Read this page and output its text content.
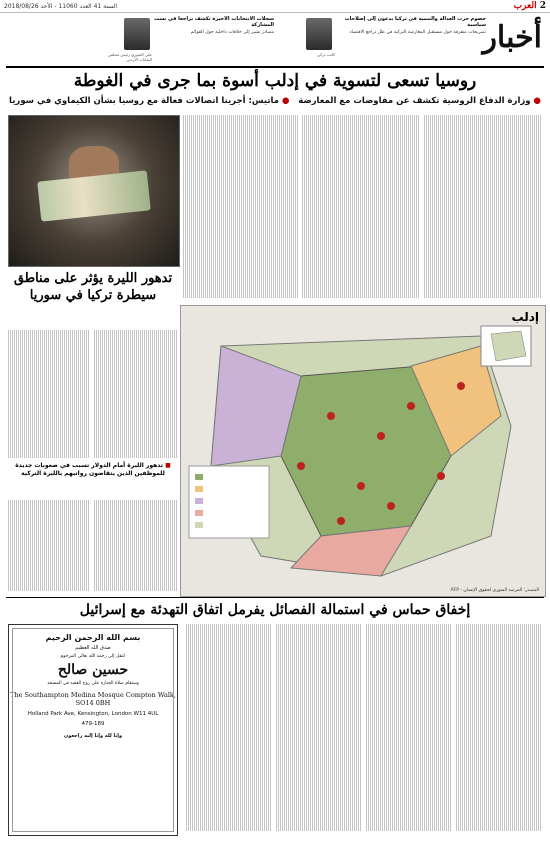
2 العرب
السنة 41 العدد 11060 - الأحد 2018/08/26
أخبار
خصوم حزب العدالة والتنمية في تركيا يدعون إلى إصلاحات سياسية
تصريحات متفرقة حول مستقبل المعارضة التركية في ظل تراجع الاقتصاد
كاتب تركي
سجلات الانتخابات الأخيرة تكشف تراجعاً في نسب المشاركة
مصادر تشير إلى خلافات داخلية حول القوائم
علي العثوري رئيس مجلس النقابات الأردني
روسيا تسعى لتسوية في إدلب أسوة بما جرى في الغوطة
● وزارة الدفاع الروسية تكشف عن مفاوضات مع المعارضة   ● ماتيس: أجرينا اتصالات فعالة مع روسيا بشأن الكيماوي في سوريا
تدهور الليرة يؤثر على مناطق سيطرة تركيا في سوريا
■ تدهور الليرة أمام الدولار تسبب في صعوبات جديدة للموظفين الذين يتقاضون رواتبهم بالليرة التركية
إدلب
المصدر: المرصد السوري لحقوق الإنسان - AFP
إخفاق حماس في استمالة الفصائل يفرمل اتفاق التهدئة مع إسرائيل
بسم الله الرحمن الرحيم
صدق الله العظيم
انتقل إلى رحمة الله تعالى المرحوم
حسين صالح
وستقام صلاة الجنازة على روح الفقيد في المسجد
The Southampton Medina Mosque Compton Walk, SO14 0BH
Holland Park Ave, Kensington, London W11 4UL
479-189
وإنا لله وإنا إليه راجعون
